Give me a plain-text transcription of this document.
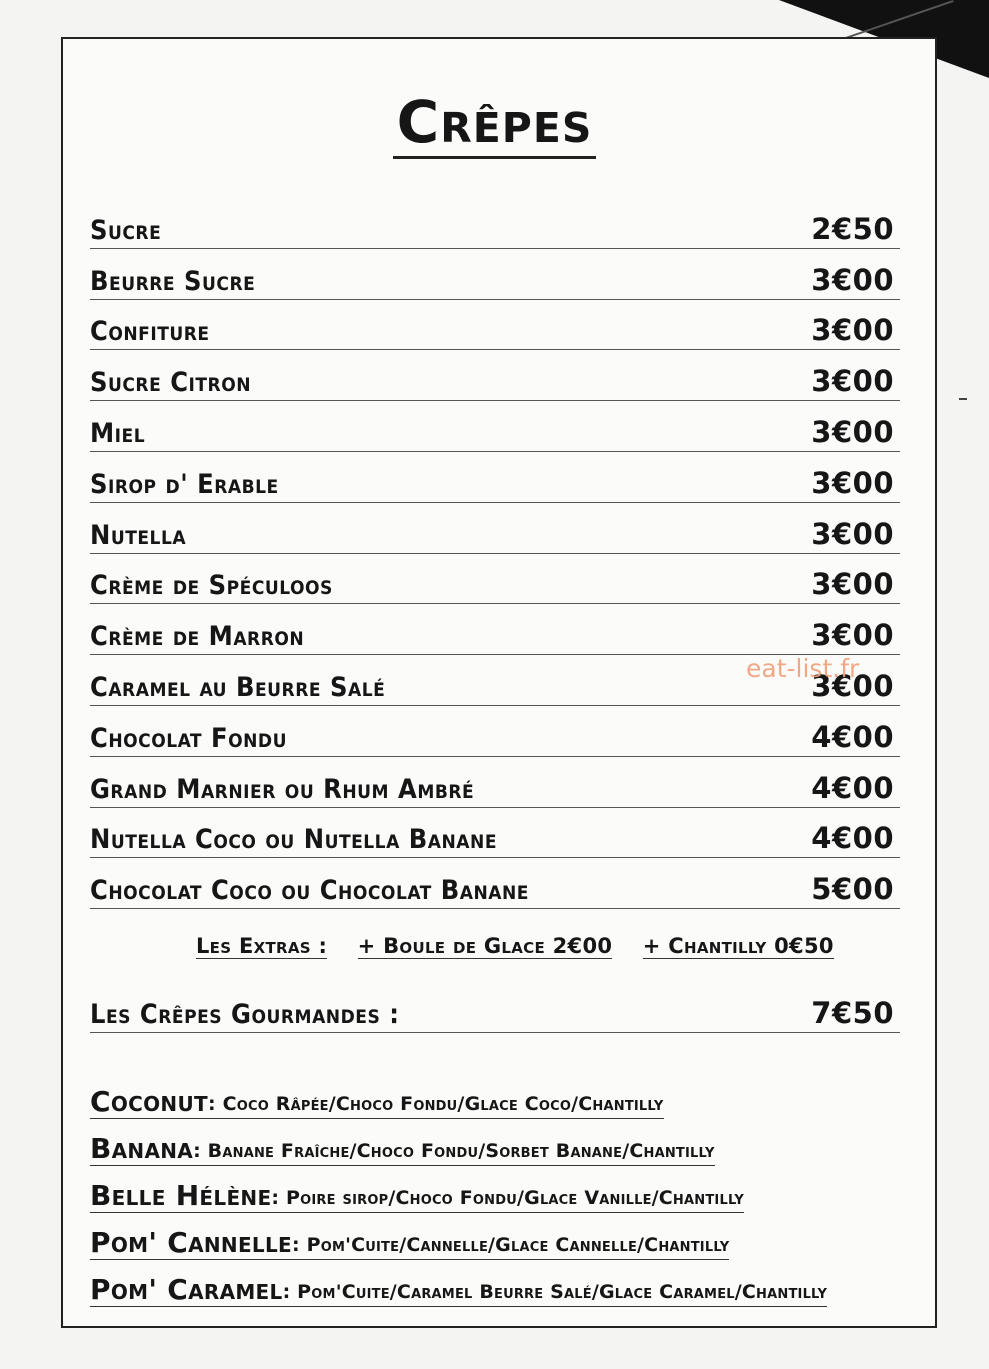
Crêpes
Sucre	2€50
Beurre Sucre	3€00
Confiture	3€00
Sucre Citron	3€00
Miel	3€00
Sirop d' Erable	3€00
Nutella	3€00
Crème de Spéculoos	3€00
Crème de Marron	3€00
Caramel au Beurre Salé	3€00
Chocolat Fondu	4€00
Grand Marnier ou Rhum Ambré	4€00
Nutella Coco ou Nutella Banane	4€00
Chocolat Coco ou Chocolat Banane	5€00
eat-list.fr
Les Extras : + Boule de Glace 2€00 + Chantilly 0€50
Les Crêpes Gourmandes :	7€50
Coconut : Coco Râpée/Choco Fondu/Glace Coco/Chantilly
Banana : Banane Fraîche/Choco Fondu/Sorbet Banane/Chantilly
Belle Hélène : Poire sirop/Choco Fondu/Glace Vanille/Chantilly
Pom' Cannelle : Pom'Cuite/Cannelle/Glace Cannelle/Chantilly
Pom' Caramel : Pom'Cuite/Caramel Beurre Salé/Glace Caramel/Chantilly
